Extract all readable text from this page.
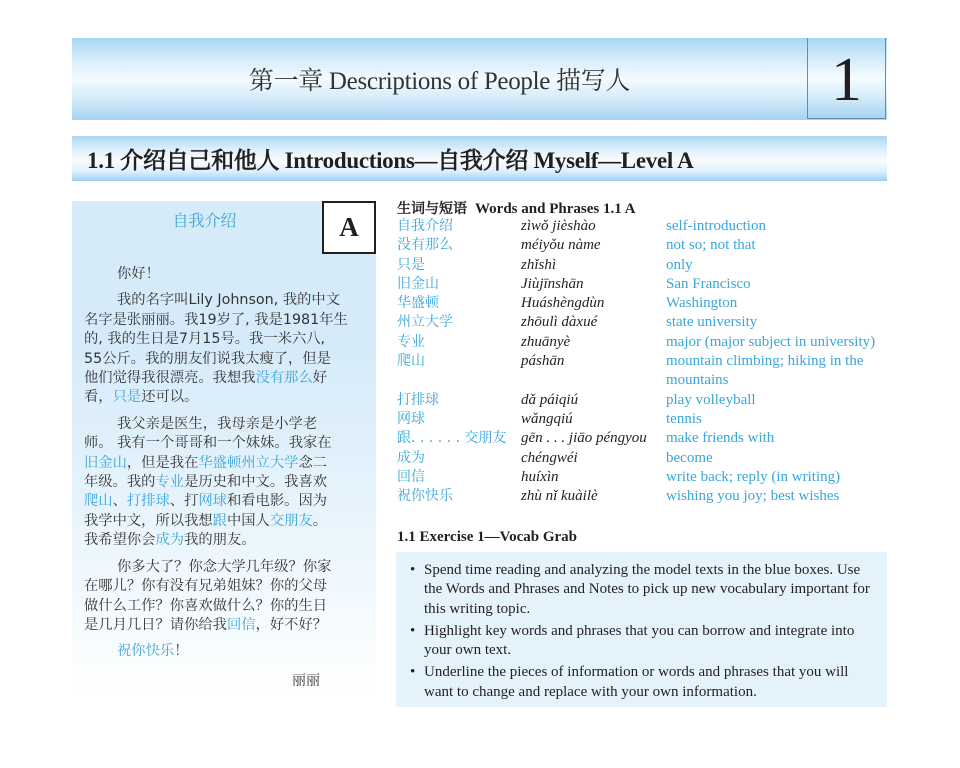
第一章 Descriptions of People 描写人	1
1.1 介绍自己和他人 Introductions—自我介绍 Myself—Level A
A
自我介绍
你好！
我的名字叫Lily Johnson, 我的中文
名字是张丽丽。我19岁了, 我是1981年生
的, 我的生日是7月15号。我一米六八,
55公斤。我的朋友们说我太瘦了，但是
他们觉得我很漂亮。我想我没有那么好
看，只是还可以。
我父亲是医生，我母亲是小学老
师。 我有一个哥哥和一个妹妹。我家在
旧金山，但是我在华盛顿州立大学念二
年级。我的专业是历史和中文。我喜欢
爬山、打排球、打网球和看电影。因为
我学中文，所以我想跟中国人交朋友。
我希望你会成为我的朋友。
你多大了？你念大学几年级？你家
在哪儿？你有没有兄弟姐妹？你的父母
做什么工作？你喜欢做什么？你的生日
是几月几日？请你给我回信，好不好？
祝你快乐！
丽丽
生词与短语 Words and Phrases 1.1 A
自我介绍	zìwǒ jièshào	self-introduction
没有那么	méiyǒu nàme	not so; not that
只是	zhǐshì	only
旧金山	Jiùjīnshān	San Francisco
华盛顿	Huáshèngdùn	Washington
州立大学	zhōulì dàxué	state university
专业	zhuānyè	major (major subject in university)
爬山	páshān	mountain climbing; hiking in the mountains
打排球	dǎ páiqiú	play volleyball
网球	wǎngqiú	tennis
跟. . . . . . 交朋友 gēn . . . jiāo péngyou	make friends with
成为	chéngwéi	become
回信	huíxìn	write back; reply (in writing)
祝你快乐	zhù nǐ kuàilè	wishing you joy; best wishes
1.1 Exercise 1—Vocab Grab
• Spend time reading and analyzing the model texts in the blue boxes. Use the Words and Phrases and Notes to pick up new vocabulary important for this writing topic.
• Highlight key words and phrases that you can borrow and integrate into your own text.
• Underline the pieces of information or words and phrases that you will want to change and replace with your own information.
